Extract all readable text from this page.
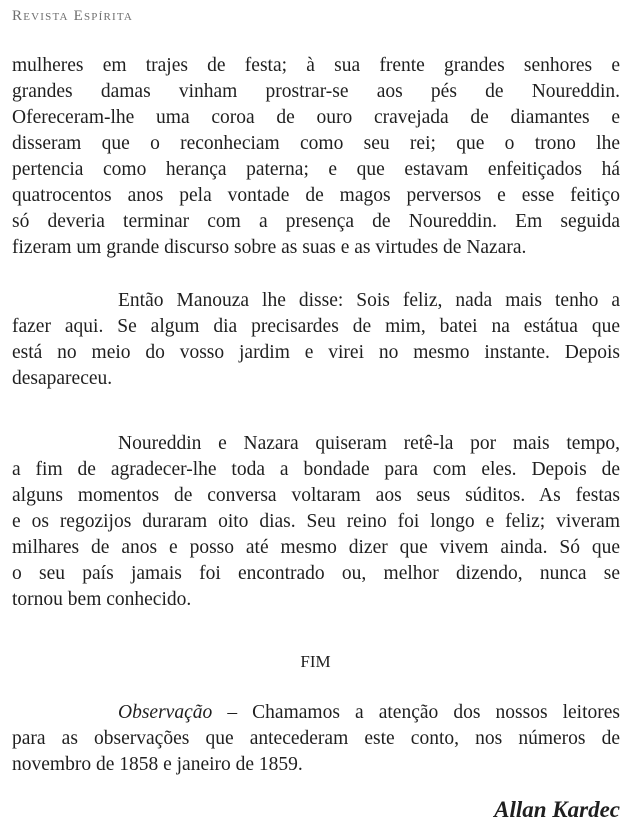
Revista Espírita
mulheres em trajes de festa; à sua frente grandes senhores e
grandes damas vinham prostrar-se aos pés de Noureddin.
Ofereceram-lhe uma coroa de ouro cravejada de diamantes e
disseram que o reconheciam como seu rei; que o trono lhe
pertencia como herança paterna; e que estavam enfeitiçados há
quatrocentos anos pela vontade de magos perversos e esse feitiço
só deveria terminar com a presença de Noureddin. Em seguida
fizeram um grande discurso sobre as suas e as virtudes de Nazara.
Então Manouza lhe disse: Sois feliz, nada mais tenho a
fazer aqui. Se algum dia precisardes de mim, batei na estátua que
está no meio do vosso jardim e virei no mesmo instante. Depois
desapareceu.
Noureddin e Nazara quiseram retê-la por mais tempo,
a fim de agradecer-lhe toda a bondade para com eles. Depois de
alguns momentos de conversa voltaram aos seus súditos. As festas
e os regozijos duraram oito dias. Seu reino foi longo e feliz; viveram
milhares de anos e posso até mesmo dizer que vivem ainda. Só que
o seu país jamais foi encontrado ou, melhor dizendo, nunca se
tornou bem conhecido.
FIM
Observação – Chamamos a atenção dos nossos leitores
para as observações que antecederam este conto, nos números de
novembro de 1858 e janeiro de 1859.
Allan Kardec
